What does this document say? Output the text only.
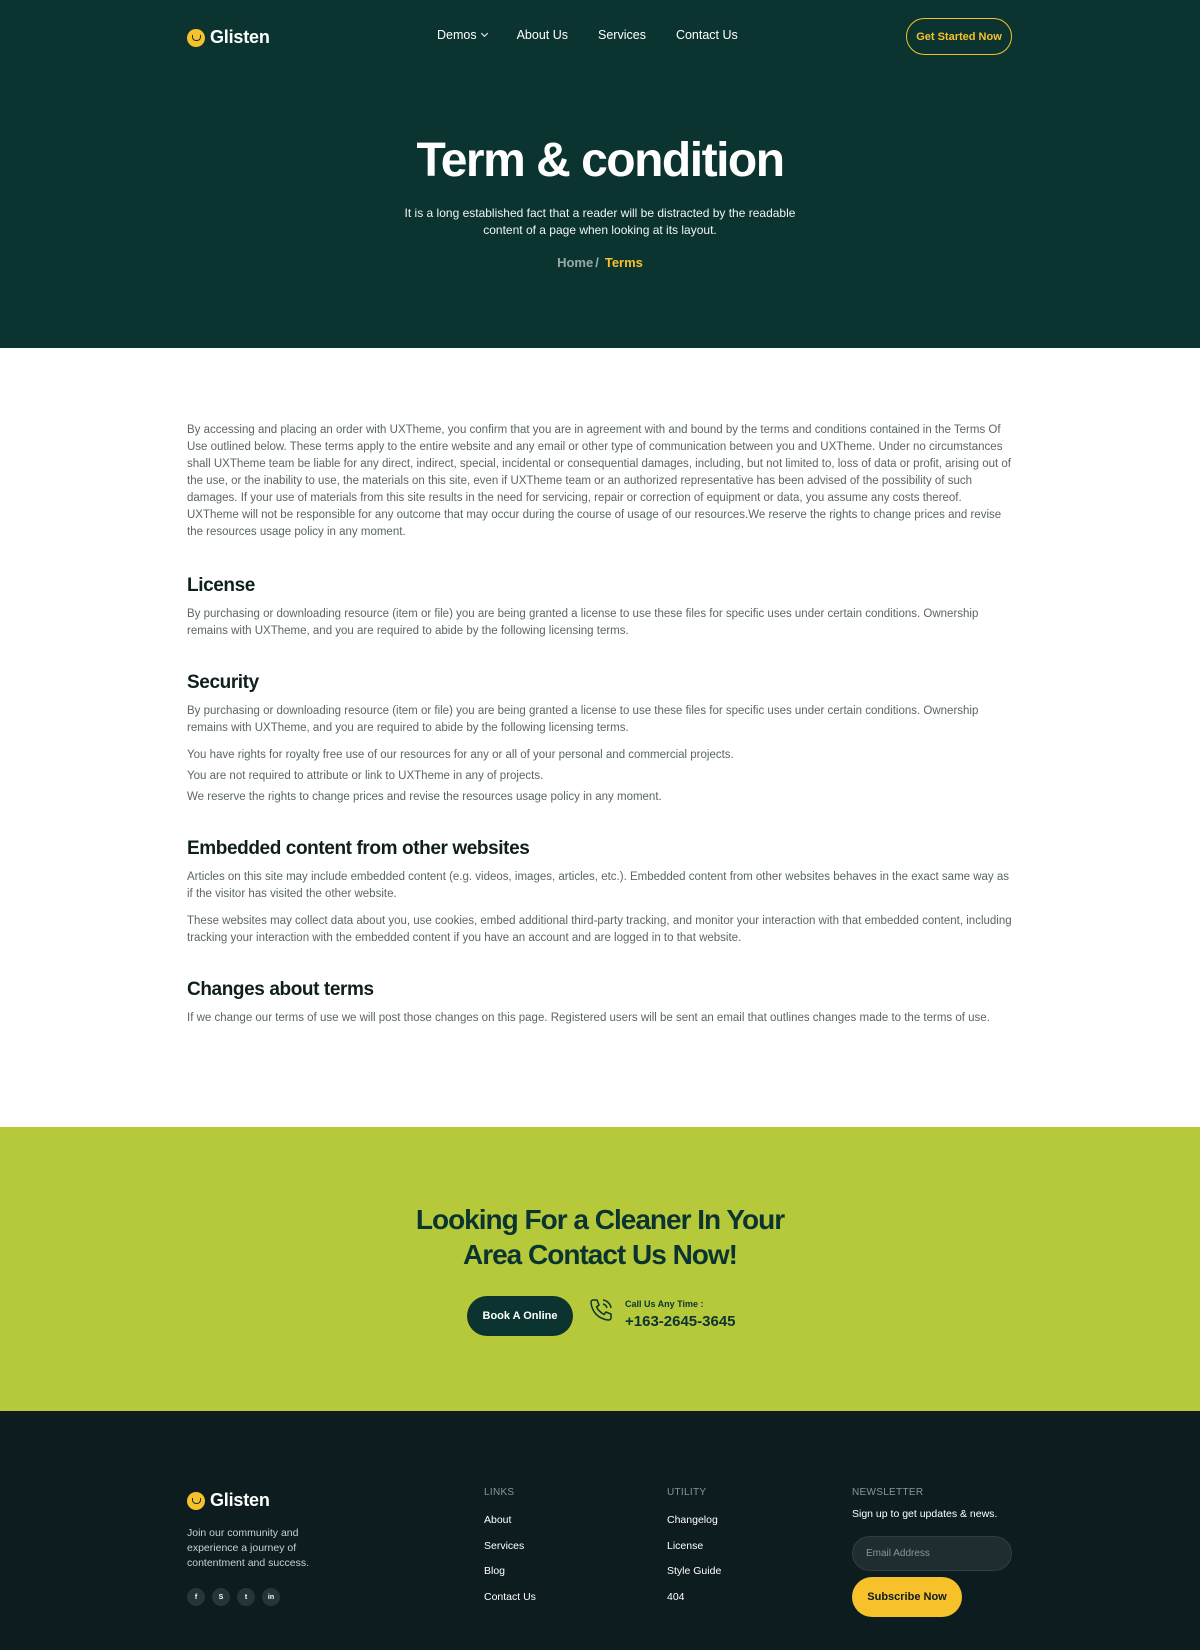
Glisten	Demos	About Us Services Contact Us	Get Started Now
Term & condition

It is a long established fact that a reader will be distracted by the readable content of a page when looking at its layout.

Home / Terms

By accessing and placing an order with UXTheme, you confirm that you are in agreement with and bound by the terms and conditions contained in the Terms Of Use outlined below. These terms apply to the entire website and any email or other type of communication between you and UXTheme. Under no circumstances shall UXTheme team be liable for any direct, indirect, special, incidental or consequential damages, including, but not limited to, loss of data or profit, arising out of the use, or the inability to use, the materials on this site, even if UXTheme team or an authorized representative has been advised of the possibility of such damages. If your use of materials from this site results in the need for servicing, repair or correction of equipment or data, you assume any costs thereof. UXTheme will not be responsible for any outcome that may occur during the course of usage of our resources.We reserve the rights to change prices and revise the resources usage policy in any moment.

License

By purchasing or downloading resource (item or file) you are being granted a license to use these files for specific uses under certain conditions. Ownership remains with UXTheme, and you are required to abide by the following licensing terms.

Security

By purchasing or downloading resource (item or file) you are being granted a license to use these files for specific uses under certain conditions. Ownership remains with UXTheme, and you are required to abide by the following licensing terms.

You have rights for royalty free use of our resources for any or all of your personal and commercial projects.

You are not required to attribute or link to UXTheme in any of projects.

We reserve the rights to change prices and revise the resources usage policy in any moment.

Embedded content from other websites

Articles on this site may include embedded content (e.g. videos, images, articles, etc.). Embedded content from other websites behaves in the exact same way as if the visitor has visited the other website.

These websites may collect data about you, use cookies, embed additional third-party tracking, and monitor your interaction with that embedded content, including tracking your interaction with the embedded content if you have an account and are logged in to that website.

Changes about terms

If we change our terms of use we will post those changes on this page. Registered users will be sent an email that outlines changes made to the terms of use.

Looking For a Cleaner In Your
Area Contact Us Now!
Book A Online
Call Us Any Time :
+163-2645-3645
Glisten

Join our community and experience a journey of contentment and success.

f	S	t	in
LINKS
About
Services
Blog
Contact Us
UTILITY
Changelog
License
Style Guide
404
NEWSLETTER
Sign up to get updates & news.
Email Address
Subscribe Now
